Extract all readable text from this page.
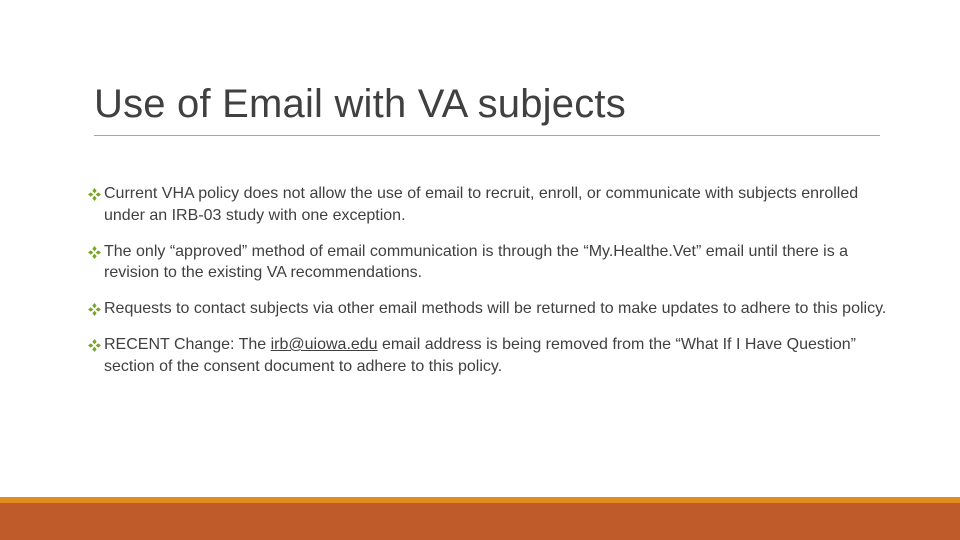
Use of Email with VA subjects
Current VHA policy does not allow the use of email to recruit, enroll, or communicate with subjects enrolled under an IRB-03 study with one exception.
The only “approved” method of email communication is through the “My.Healthe.Vet” email until there is a revision to the existing VA recommendations.
Requests to contact subjects via other email methods will be returned to make updates to adhere to this policy.
RECENT Change: The irb@uiowa.edu email address is being removed from the “What If I Have Question” section of the consent document to adhere to this policy.
